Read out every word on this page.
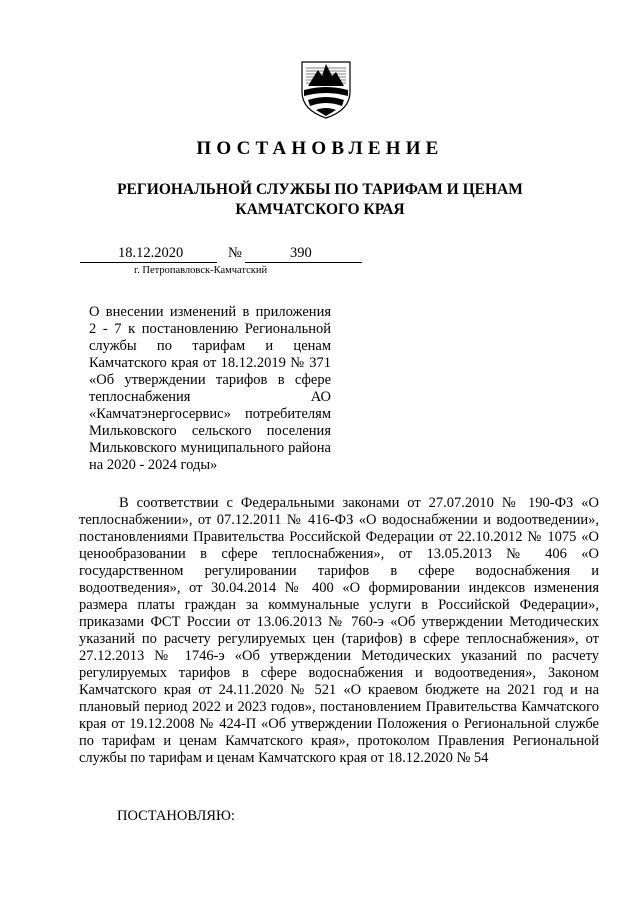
ПОСТАНОВЛЕНИЕ
РЕГИОНАЛЬНОЙ СЛУЖБЫ ПО ТАРИФАМ И ЦЕНАМ
КАМЧАТСКОГО КРАЯ
18.12.2020	№	390
г. Петропавловск-Камчатский

О внесении изменений в приложения 2 - 7 к постановлению Региональной службы по тарифам и ценам Камчатского края от 18.12.2019 № 371 «Об утверждении тарифов в сфере теплоснабжения АО «Камчатэнергосервис» потребителям Мильковского сельского поселения Мильковского муниципального района на 2020 - 2024 годы»

В соответствии с Федеральными законами от 27.07.2010 № 190-ФЗ «О теплоснабжении», от 07.12.2011 № 416-ФЗ «О водоснабжении и водоотведении», постановлениями Правительства Российской Федерации от 22.10.2012 № 1075 «О ценообразовании в сфере теплоснабжения», от 13.05.2013 № 406 «О государственном регулировании тарифов в сфере водоснабжения и водоотведения», от 30.04.2014 № 400 «О формировании индексов изменения размера платы граждан за коммунальные услуги в Российской Федерации», приказами ФСТ России от 13.06.2013 № 760-э «Об утверждении Методических указаний по расчету регулируемых цен (тарифов) в сфере теплоснабжения», от 27.12.2013 № 1746-э «Об утверждении Методических указаний по расчету регулируемых тарифов в сфере водоснабжения и водоотведения», Законом Камчатского края от 24.11.2020 № 521 «О краевом бюджете на 2021 год и на плановый период 2022 и 2023 годов», постановлением Правительства Камчатского края от 19.12.2008 № 424-П «Об утверждении Положения о Региональной службе по тарифам и ценам Камчатского края», протоколом Правления Региональной службы по тарифам и ценам Камчатского края от 18.12.2020 № 54

ПОСТАНОВЛЯЮ:
